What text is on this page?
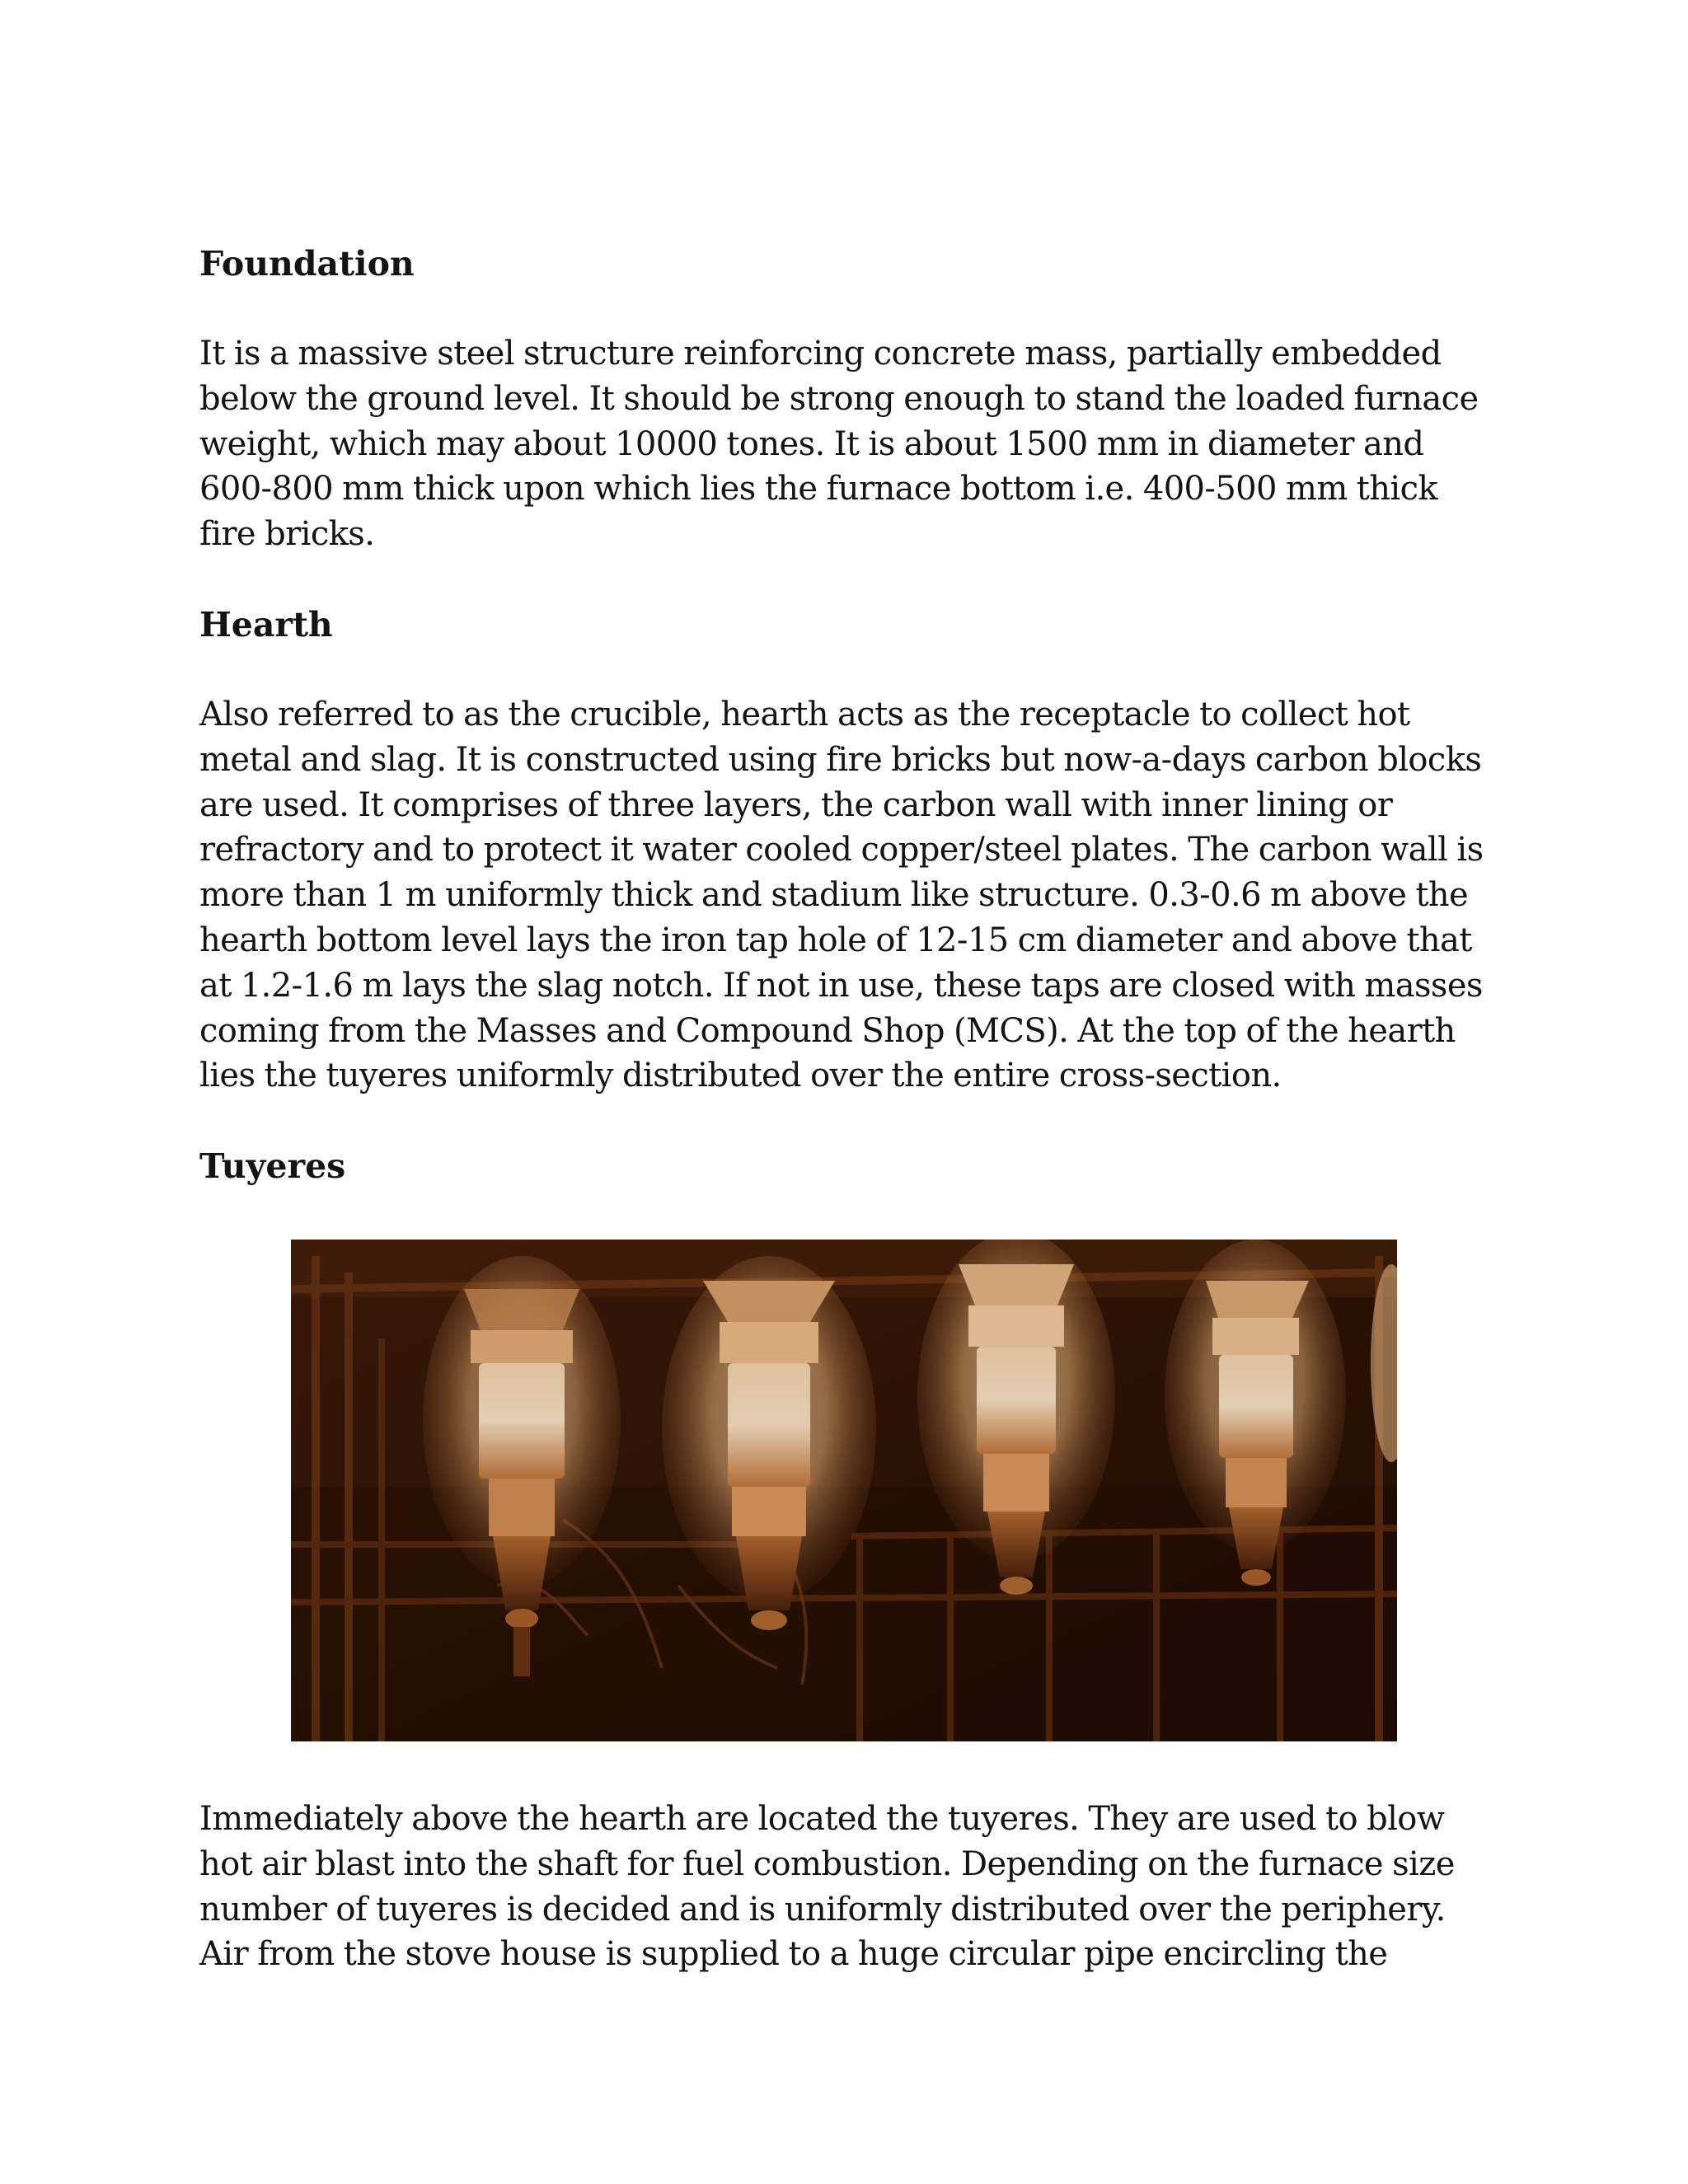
Foundation

It is a massive steel structure reinforcing concrete mass, partially embedded below the ground level. It should be strong enough to stand the loaded furnace weight, which may about 10000 tones. It is about 1500 mm in diameter and 600-800 mm thick upon which lies the furnace bottom i.e. 400-500 mm thick fire bricks.

Hearth

Also referred to as the crucible, hearth acts as the receptacle to collect hot metal and slag. It is constructed using fire bricks but now-a-days carbon blocks are used. It comprises of three layers, the carbon wall with inner lining or refractory and to protect it water cooled copper/steel plates. The carbon wall is more than 1 m uniformly thick and stadium like structure. 0.3-0.6 m above the hearth bottom level lays the iron tap hole of 12-15 cm diameter and above that at 1.2-1.6 m lays the slag notch. If not in use, these taps are closed with masses coming from the Masses and Compound Shop (MCS). At the top of the hearth lies the tuyeres uniformly distributed over the entire cross-section.

Tuyeres

Immediately above the hearth are located the tuyeres. They are used to blow hot air blast into the shaft for fuel combustion. Depending on the furnace size number of tuyeres is decided and is uniformly distributed over the periphery. Air from the stove house is supplied to a huge circular pipe encircling the
